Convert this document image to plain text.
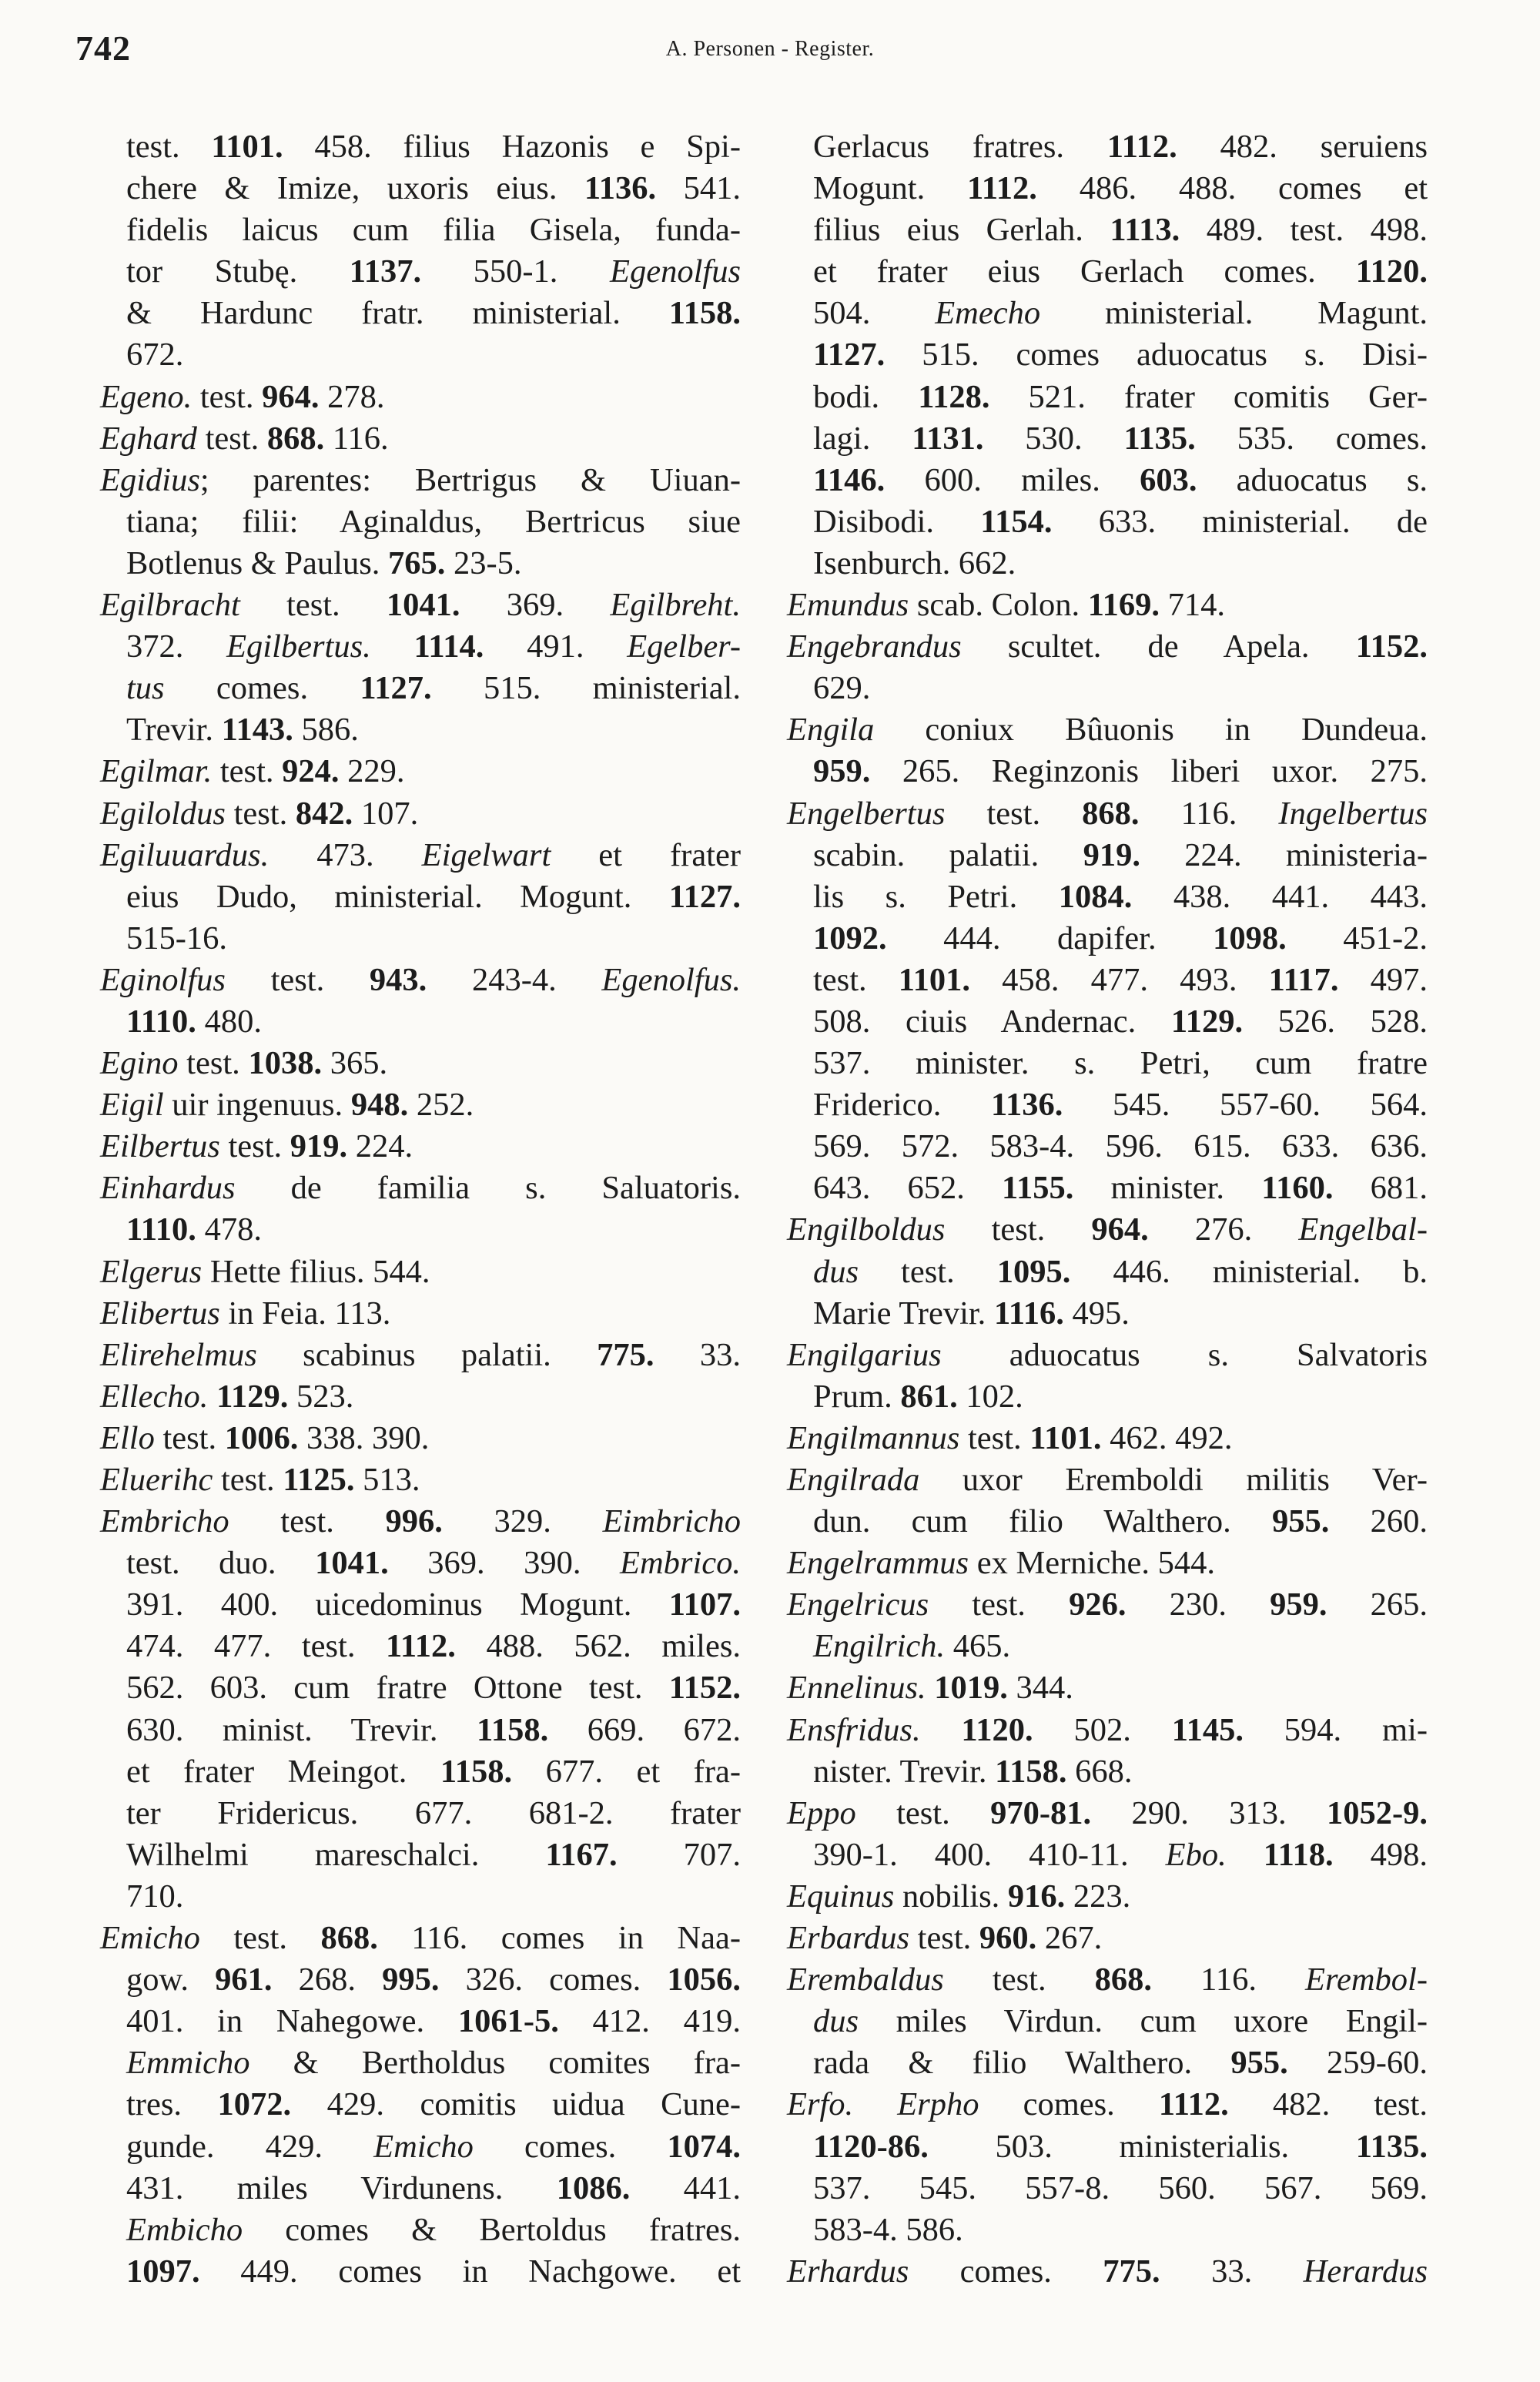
742	A. Personen - Register.
test. 1101. 458. filius Hazonis e Spi-
chere & Imize, uxoris eius. 1136. 541.
fidelis laicus cum filia Gisela, funda-
tor Stubę. 1137. 550-1. Egenolfus
& Hardunc fratr. ministerial. 1158.
672.
Egeno. test. 964. 278.
Eghard test. 868. 116.
Egidius; parentes: Bertrigus & Uiuan-
tiana; filii: Aginaldus, Bertricus siue
Botlenus & Paulus. 765. 23-5.
Egilbracht test. 1041. 369. Egilbreht.
372. Egilbertus. 1114. 491. Egelber-
tus comes. 1127. 515. ministerial.
Trevir. 1143. 586.
Egilmar. test. 924. 229.
Egiloldus test. 842. 107.
Egiluuardus. 473. Eigelwart et frater
eius Dudo, ministerial. Mogunt. 1127.
515-16.
Eginolfus test. 943. 243-4. Egenolfus.
1110. 480.
Egino test. 1038. 365.
Eigil uir ingenuus. 948. 252.
Eilbertus test. 919. 224.
Einhardus de familia s. Saluatoris.
1110. 478.
Elgerus Hette filius. 544.
Elibertus in Feia. 113.
Elirehelmus scabinus palatii. 775. 33.
Ellecho. 1129. 523.
Ello test. 1006. 338. 390.
Eluerihc test. 1125. 513.
Embricho test. 996. 329. Eimbricho
test. duo. 1041. 369. 390. Embrico.
391. 400. uicedominus Mogunt. 1107.
474. 477. test. 1112. 488. 562. miles.
562. 603. cum fratre Ottone test. 1152.
630. minist. Trevir. 1158. 669. 672.
et frater Meingot. 1158. 677. et fra-
ter Fridericus. 677. 681-2. frater
Wilhelmi mareschalci. 1167. 707.
710.
Emicho test. 868. 116. comes in Naa-
gow. 961. 268. 995. 326. comes. 1056.
401. in Nahegowe. 1061-5. 412. 419.
Emmicho & Bertholdus comites fra-
tres. 1072. 429. comitis uidua Cune-
gunde. 429. Emicho comes. 1074.
431. miles Virdunens. 1086. 441.
Embicho comes & Bertoldus fratres.
1097. 449. comes in Nachgowe. et
Gerlacus fratres. 1112. 482. seruiens
Mogunt. 1112. 486. 488. comes et
filius eius Gerlah. 1113. 489. test. 498.
et frater eius Gerlach comes. 1120.
504. Emecho ministerial. Magunt.
1127. 515. comes aduocatus s. Disi-
bodi. 1128. 521. frater comitis Ger-
lagi. 1131. 530. 1135. 535. comes.
1146. 600. miles. 603. aduocatus s.
Disibodi. 1154. 633. ministerial. de
Isenburch. 662.
Emundus scab. Colon. 1169. 714.
Engebrandus scultet. de Apela. 1152.
629.
Engila coniux Bûuonis in Dundeua.
959. 265. Reginzonis liberi uxor. 275.
Engelbertus test. 868. 116. Ingelbertus
scabin. palatii. 919. 224. ministeria-
lis s. Petri. 1084. 438. 441. 443.
1092. 444. dapifer. 1098. 451-2.
test. 1101. 458. 477. 493. 1117. 497.
508. ciuis Andernac. 1129. 526. 528.
537. minister. s. Petri, cum fratre
Friderico. 1136. 545. 557-60. 564.
569. 572. 583-4. 596. 615. 633. 636.
643. 652. 1155. minister. 1160. 681.
Engilboldus test. 964. 276. Engelbal-
dus test. 1095. 446. ministerial. b.
Marie Trevir. 1116. 495.
Engilgarius aduocatus s. Salvatoris
Prum. 861. 102.
Engilmannus test. 1101. 462. 492.
Engilrada uxor Eremboldi militis Ver-
dun. cum filio Walthero. 955. 260.
Engelrammus ex Merniche. 544.
Engelricus test. 926. 230. 959. 265.
Engilrich. 465.
Ennelinus. 1019. 344.
Ensfridus. 1120. 502. 1145. 594. mi-
nister. Trevir. 1158. 668.
Eppo test. 970-81. 290. 313. 1052-9.
390-1. 400. 410-11. Ebo. 1118. 498.
Equinus nobilis. 916. 223.
Erbardus test. 960. 267.
Erembaldus test. 868. 116. Erembol-
dus miles Virdun. cum uxore Engil-
rada & filio Walthero. 955. 259-60.
Erfo. Erpho comes. 1112. 482. test.
1120-86. 503. ministerialis. 1135.
537. 545. 557-8. 560. 567. 569.
583-4. 586.
Erhardus comes. 775. 33. Herardus
